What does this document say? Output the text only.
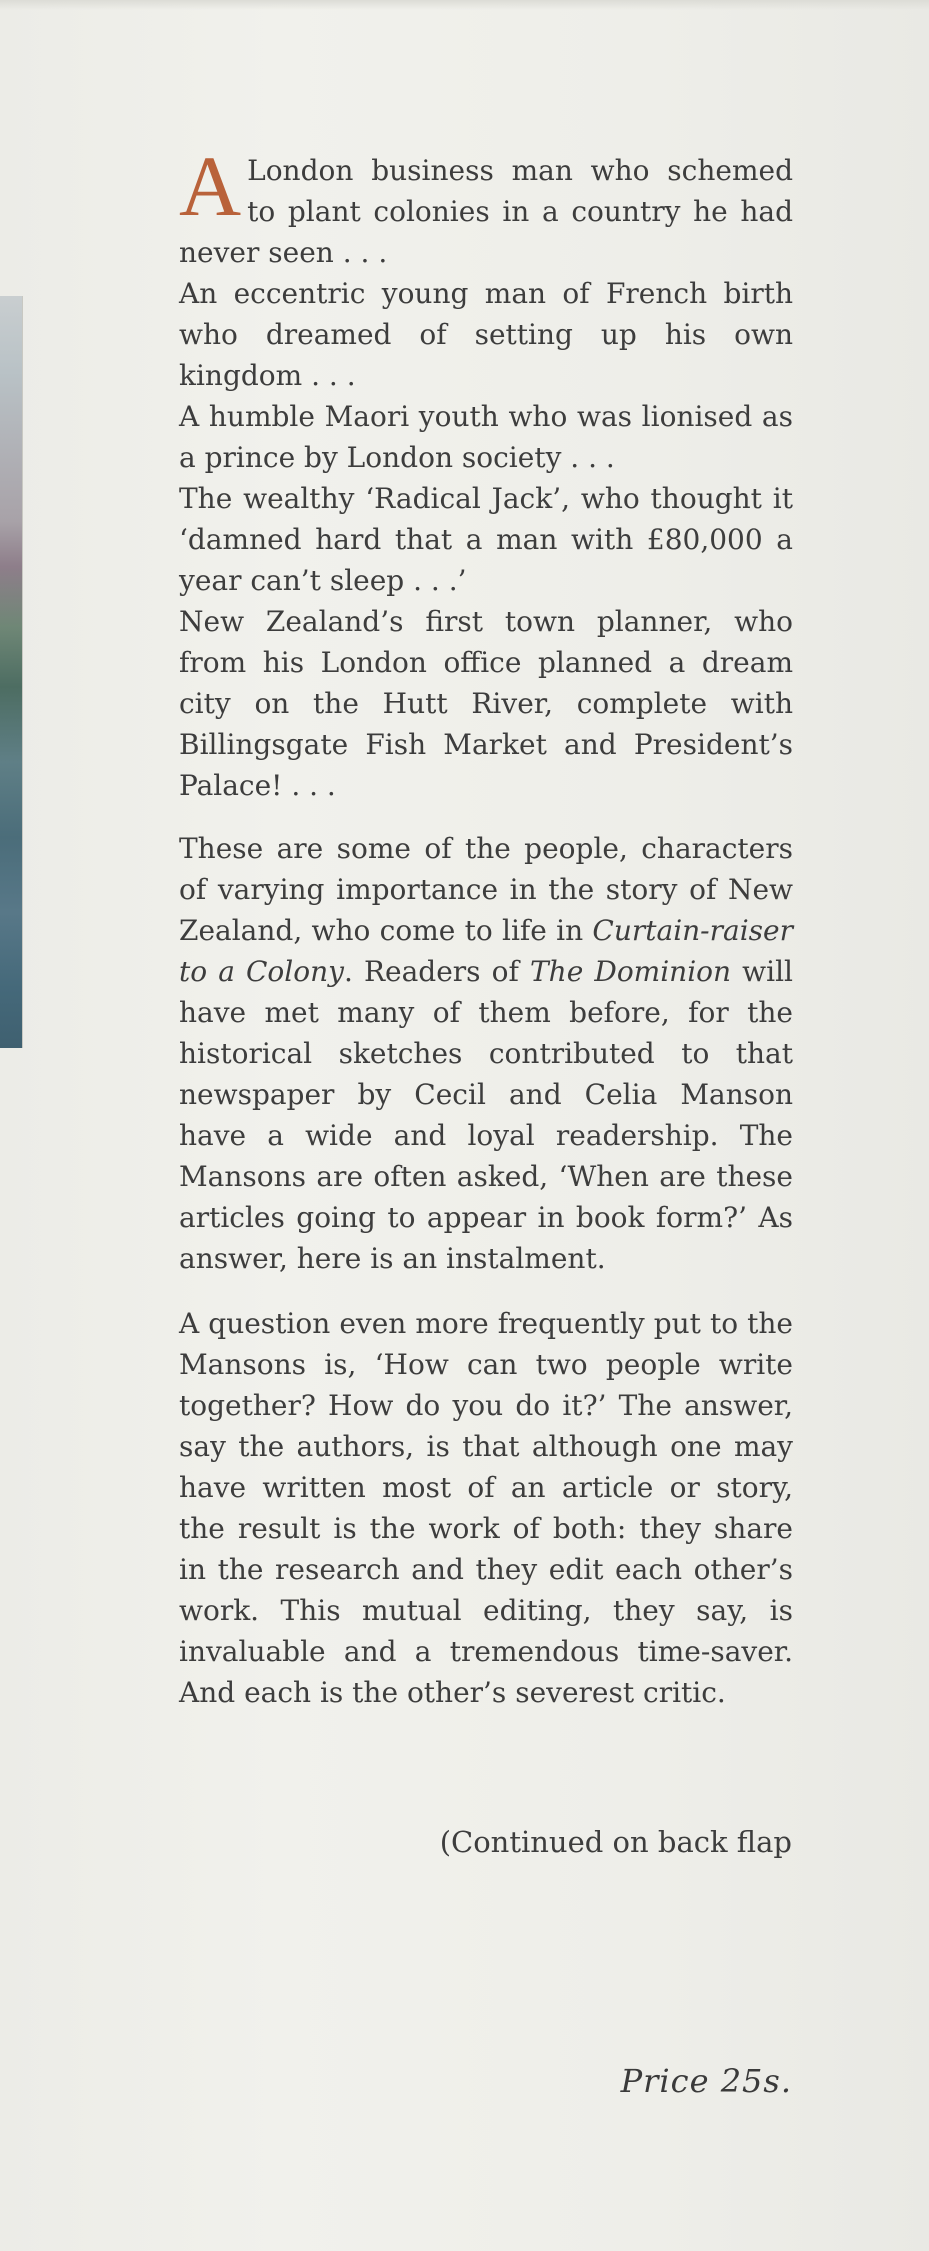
A London business man who schemed to plant colonies in a country he had never seen . . .

An eccentric young man of French birth who dreamed of setting up his own kingdom . . .

A humble Maori youth who was lionised as a prince by London society . . .

The wealthy ‘Radical Jack’, who thought it ‘damned hard that a man with £80,000 a year can’t sleep . . .’

New Zealand’s first town planner, who from his London office planned a dream city on the Hutt River, complete with Billingsgate Fish Market and President’s Palace! . . .

These are some of the people, characters of varying importance in the story of New Zealand, who come to life in Curtain-raiser to a Colony. Readers of The Dominion will have met many of them before, for the historical sketches contributed to that newspaper by Cecil and Celia Manson have a wide and loyal readership. The Mansons are often asked, ‘When are these articles going to appear in book form?’ As answer, here is an instalment.

A question even more frequently put to the Mansons is, ‘How can two people write together? How do you do it?’ The answer, say the authors, is that although one may have written most of an article or story, the result is the work of both: they share in the research and they edit each other’s work. This mutual editing, they say, is invaluable and a tremendous time-saver. And each is the other’s severest critic.

(Continued on back flap
Price 25s.
